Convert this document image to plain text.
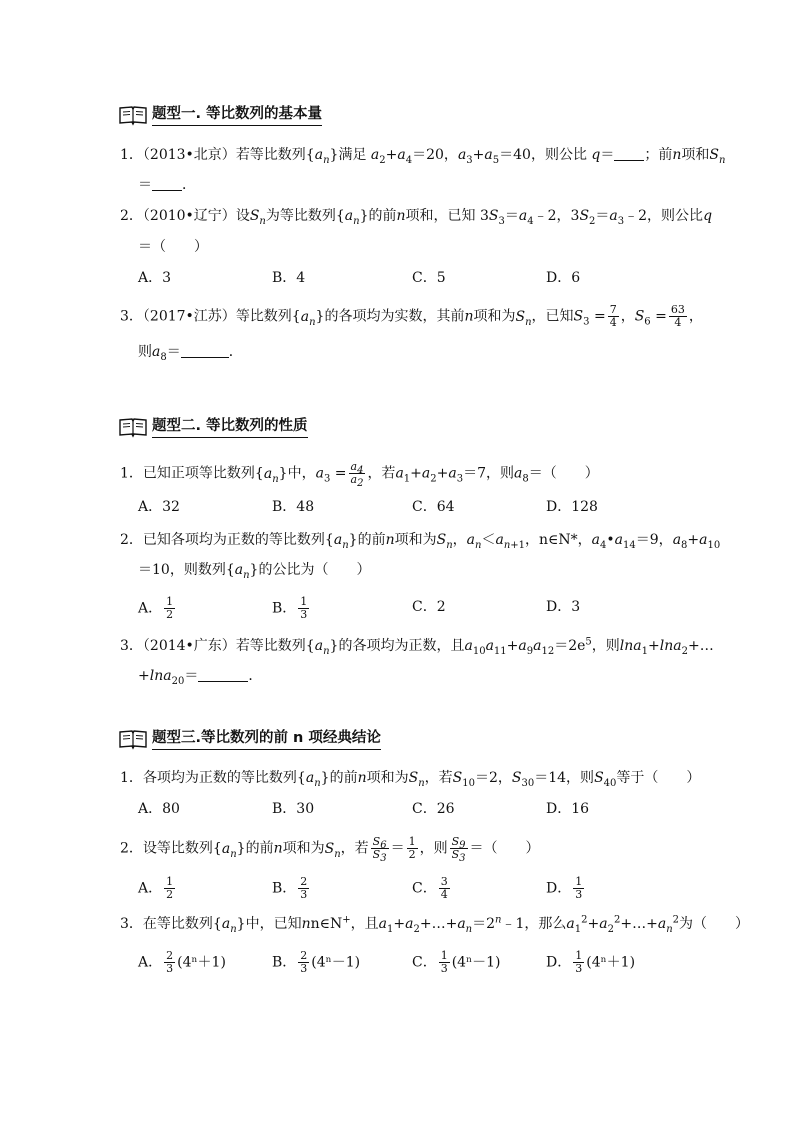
题型一. 等比数列的基本量
1．（2013•北京）若等比数列$\{a_n\}$满足 $a_2+a_4=20$，$a_3+a_5=40$，则公比 q＝ ；前n项和$S_n$
＝ ．
2．（2010•辽宁）设$S_n$为等比数列$\{a_n\}$的前n项和，已知 $3S_3=a_4﹣2$，$3S_2=a_3﹣2$，则公比q
＝（　　）
A．3	B．4	C．5	D．6
3．（2017•江苏）等比数列$\{a_n\}$的各项均为实数，其前n项和为$S_n$，已知$S_3 = \frac{7}{4}$ ，$S_6 = \frac{63}{4}$ ，
则$a_8=$	．
题型二. 等比数列的性质
1．已知正项等比数列$\{a_n\}$中，$a_3 = \frac{a_4}{a_2}$ ，若$a_1+a_2+a_3=7$，则$a_8=$（　　）
A．32	B．48	C．64	D．128
2．已知各项均为正数的等比数列$\{a_n\}$的前n项和为$S_n$，$a_n<a_{n+1}$，n∈N*，$a_4•a_{14}=9$，$a_8+a_{10}$
＝10，则数列$\{a_n\}$的公比为（　　）
A． $\frac{1}{2}$	B． $\frac{1}{3}$	C．2	D．3
3．（2014•广东）若等比数列$\{a_n\}$的各项均为正数，且$a_{10}a_{11}+a_9a_{12}=2e^5$，则lna$_1$+lna$_2$+…
+lna$_{20}$＝	．
题型三.等比数列的前 n 项经典结论
1．各项均为正数的等比数列$\{a_n\}$的前n项和为$S_n$，若$S_{10}=2$，$S_{30}=14$，则$S_{40}$等于（　　）
A．80	B．30	C．26	D．16
2．设等比数列$\{a_n\}$的前n项和为$S_n$，若 $\frac{S_6}{S_3} = \frac{1}{2}$ ，则 $\frac{S_9}{S_3}$ ＝（　　）
A． $\frac{1}{2}$	B． $\frac{2}{3}$	C． $\frac{3}{4}$	D． $\frac{1}{3}$
3．在等比数列$\{a_n\}$中，已知nn∈N+，且$a_1+a_2+\dots+a_n=2^n﹣1$，那么$a_1^2+a_2^2+\dots+a_n^2$为（　　）
A． $\frac{2}{3} (4^n+1)$	B． $\frac{2}{3} (4^n-1)$	C． $\frac{1}{3} (4^n-1)$	D． $\frac{1}{3} (4^n+1)$
